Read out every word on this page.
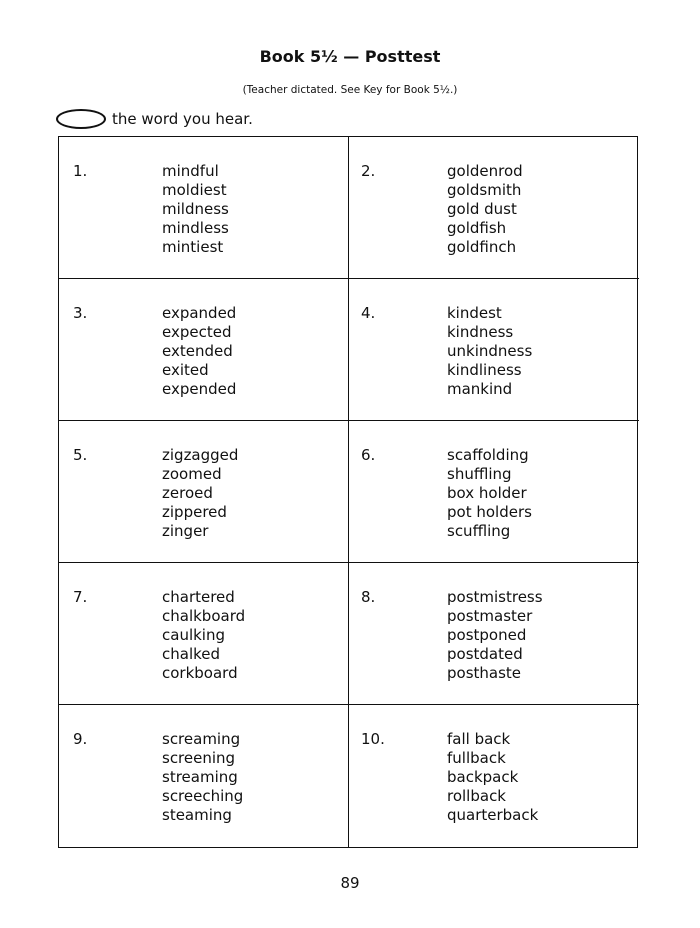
Book 5½ — Posttest
(Teacher dictated. See Key for Book 5½.)
the word you hear.
1.	mindful
moldiest
mildness
mindless
mintiest
2.	goldenrod
goldsmith
gold dust
goldfish
goldfinch
3.	expanded
expected
extended
exited
expended
4.	kindest
kindness
unkindness
kindliness
mankind
5.	zigzagged
zoomed
zeroed
zippered
zinger
6.	scaffolding
shuffling
box holder
pot holders
scuffling
7.	chartered
chalkboard
caulking
chalked
corkboard
8.	postmistress
postmaster
postponed
postdated
posthaste
9.	screaming
screening
streaming
screeching
steaming
10.	fall back
fullback
backpack
rollback
quarterback
89
